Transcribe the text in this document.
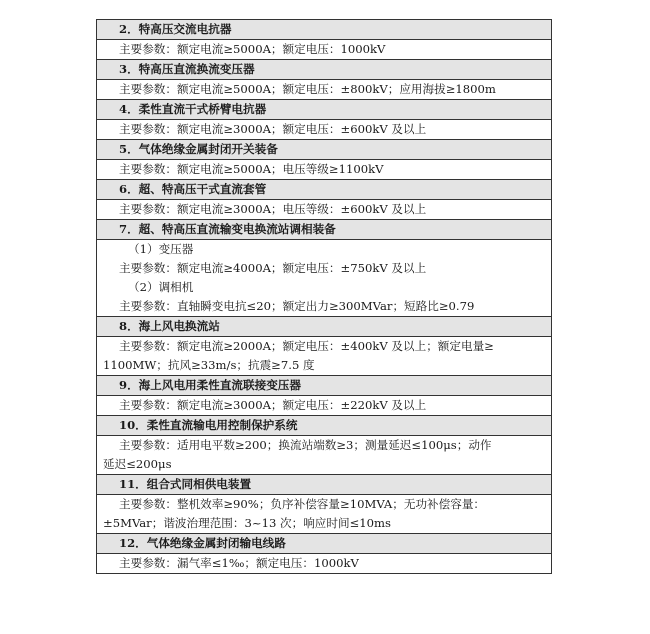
2．特高压交流电抗器

主要参数：额定电流≥5000A；额定电压：1000kV

3．特高压直流换流变压器

主要参数：额定电流≥5000A；额定电压：±800kV；应用海拔≥1800m

4．柔性直流干式桥臂电抗器

主要参数：额定电流≥3000A；额定电压：±600kV 及以上

5．气体绝缘金属封闭开关装备

主要参数：额定电流≥5000A；电压等级≥1100kV

6．超、特高压干式直流套管

主要参数：额定电流≥3000A；电压等级：±600kV 及以上

7．超、特高压直流输变电换流站调相装备

（1）变压器
主要参数：额定电流≥4000A；额定电压：±750kV 及以上
（2）调相机
主要参数：直轴瞬变电抗≤20；额定出力≥300MVar；短路比≥0.79

8．海上风电换流站

主要参数：额定电流≥2000A；额定电压：±400kV 及以上；额定电量≥
1100MW；抗风≥33m/s；抗震≥7.5 度

9．海上风电用柔性直流联接变压器

主要参数：额定电流≥3000A；额定电压：±220kV 及以上

10．柔性直流输电用控制保护系统

主要参数：适用电平数≥200；换流站端数≥3；测量延迟≤100μs；动作
延迟≤200μs

11．组合式同相供电装置

主要参数：整机效率≥90%；负序补偿容量≥10MVA；无功补偿容量：
±5MVar；谐波治理范围：3~13 次；响应时间≤10ms

12．气体绝缘金属封闭输电线路

主要参数：漏气率≤1‰；额定电压：1000kV
